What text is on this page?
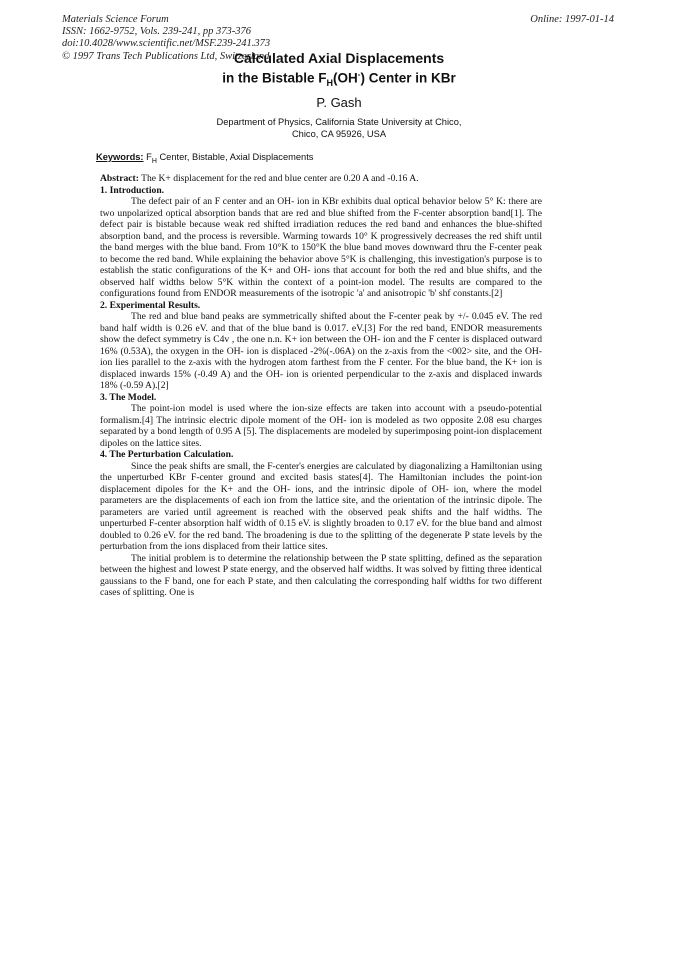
Materials Science Forum
ISSN: 1662-9752, Vols. 239-241, pp 373-376
doi:10.4028/www.scientific.net/MSF.239-241.373
© 1997 Trans Tech Publications Ltd, Switzerland
Online: 1997-01-14
Calculated Axial Displacements
in the Bistable $F_H(OH^-)$ Center in KBr
P. Gash
Department of Physics, California State University at Chico,
Chico, CA 95926, USA
Keywords: $F_H$ Center, Bistable, Axial Displacements

Abstract: The K+ displacement for the red and blue center are 0.20 A and -0.16 A.

1. Introduction.

The defect pair of an F center and an OH- ion in KBr exhibits dual optical behavior below 5° K: there are two unpolarized optical absorption bands that are red and blue shifted from the F-center absorption band[1]. The defect pair is bistable because weak red shifted irradiation reduces the red band and enhances the blue-shifted absorption band, and the process is reversible. Warming towards 10° K progressively decreases the red shift until the band merges with the blue band. From 10°K to 150°K the blue band moves downward thru the F-center peak to become the red band. While explaining the behavior above 5°K is challenging, this investigation's purpose is to establish the static configurations of the K+ and OH- ions that account for both the red and blue shifts, and the observed half widths below 5°K within the context of a point-ion model. The results are compared to the configurations found from ENDOR measurements of the isotropic 'a' and anisotropic 'b' shf constants.[2]

2. Experimental Results.

The red and blue band peaks are symmetrically shifted about the F-center peak by +/- 0.045 eV. The red band half width is 0.26 eV. and that of the blue band is 0.017. eV.[3] For the red band, ENDOR measurements show the defect symmetry is C4v , the one n.n. K+ ion between the OH- ion and the F center is displaced outward 16% (0.53A), the oxygen in the OH- ion is displaced -2%(-.06A) on the z-axis from the <002> site, and the OH- ion lies parallel to the z-axis with the hydrogen atom farthest from the F center. For the blue band, the K+ ion is displaced inwards 15% (-0.49 A) and the OH- ion is oriented perpendicular to the z-axis and displaced inwards 18% (-0.59 A).[2]

3. The Model.

The point-ion model is used where the ion-size effects are taken into account with a pseudo-potential formalism.[4] The intrinsic electric dipole moment of the OH- ion is modeled as two opposite 2.08 esu charges separated by a bond length of 0.95 A [5]. The displacements are modeled by superimposing point-ion displacement dipoles on the lattice sites.

4. The Perturbation Calculation.

Since the peak shifts are small, the F-center's energies are calculated by diagonalizing a Hamiltonian using the unperturbed KBr F-center ground and excited basis states[4]. The Hamiltonian includes the point-ion displacement dipoles for the K+ and the OH- ions, and the intrinsic dipole of OH- ion, where the model parameters are the displacements of each ion from the lattice site, and the orientation of the intrinsic dipole. The parameters are varied until agreement is reached with the observed peak shifts and the half widths. The unperturbed F-center absorption half width of 0.15 eV. is slightly broaden to 0.17 eV. for the blue band and almost doubled to 0.26 eV. for the red band. The broadening is due to the splitting of the degenerate P state levels by the perturbation from the ions displaced from their lattice sites.

The initial problem is to determine the relationship between the P state splitting, defined as the separation between the highest and lowest P state energy, and the observed half widths. It was solved by fitting three identical gaussians to the F band, one for each P state, and then calculating the corresponding half widths for two different cases of splitting. One is
